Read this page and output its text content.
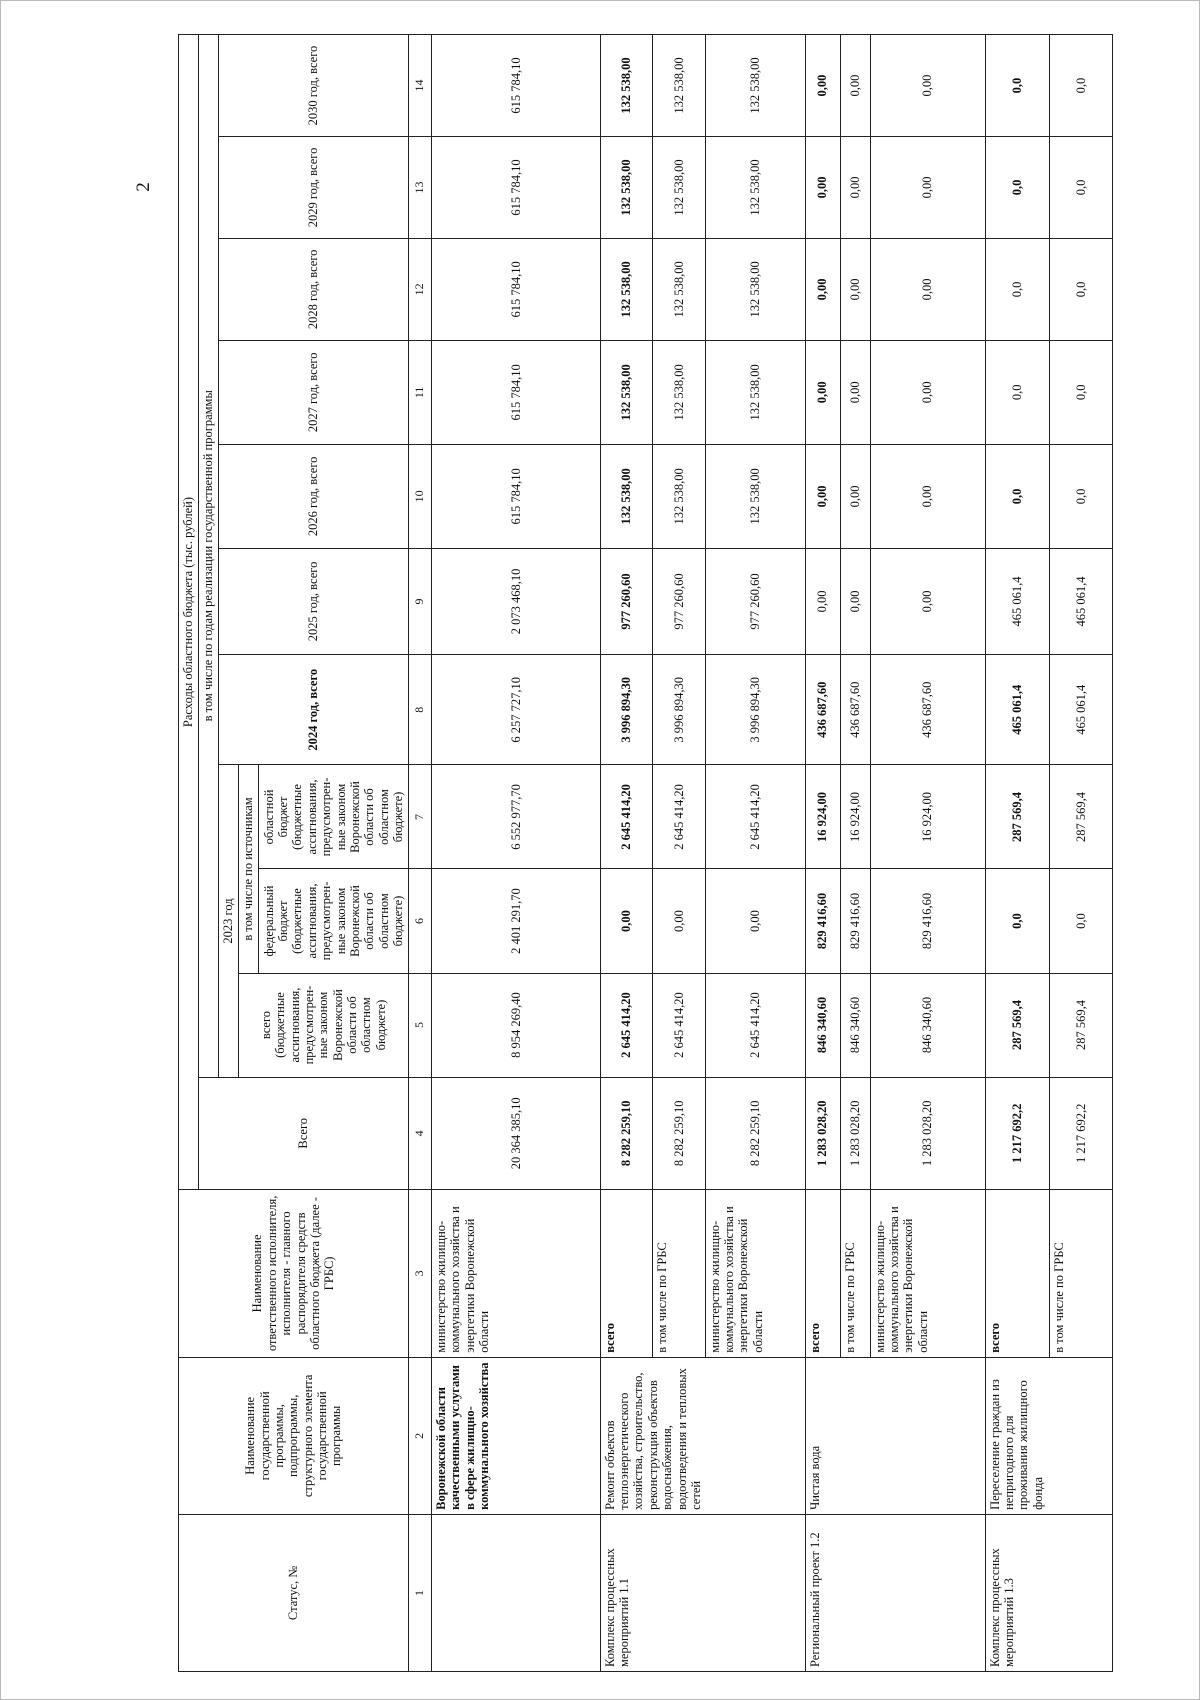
2
Статус, №	Наименование государственной программы, подпрограммы, структурного элемента государственной программы	Наименование ответственного исполнителя, исполнителя - главного распорядителя средств областного бюджета (далее - ГРБС)	Расходы областного бюджета (тыс. рублей)										
			Всего	в том числе по годам реализации государственной программы									
				2023 год			2024 год, всего	2025 год, всего	2026 год, всего	2027 год, всего	2028 год, всего	2029 год, всего	2030 год, всего
				всего (бюджетные ассигнования, предусмотрен-ные законом Воронежской области об областном бюджете)	в том числе по источникам								
					федеральный бюджет (бюджетные ассигнования, предусмотрен-ные законом Воронежской области об областном бюджете)	областной бюджет (бюджетные ассигнования, предусмотрен-ные законом Воронежской области об областном бюджете)							
1	2	3	4	5	6	7	8	9	10	11	12	13	14
	Воронежской области качественными услугами в сфере жилищно-коммунального хозяйства	министерство жилищно-коммунального хозяйства и энергетики Воронежской области	20 364 385,10	8 954 269,40	2 401 291,70	6 552 977,70	6 257 727,10	2 073 468,10	615 784,10	615 784,10	615 784,10	615 784,10	615 784,10
Комплекс процессных мероприятий 1.1	Ремонт объектов теплоэнергетического хозяйства, строительство, реконструкция объектов водоснабжения, водоотведения и тепловых сетей	всего	8 282 259,10	2 645 414,20	0,00	2 645 414,20	3 996 894,30	977 260,60	132 538,00	132 538,00	132 538,00	132 538,00	132 538,00
		в том числе по ГРБС	8 282 259,10	2 645 414,20	0,00	2 645 414,20	3 996 894,30	977 260,60	132 538,00	132 538,00	132 538,00	132 538,00	132 538,00
		министерство жилищно-коммунального хозяйства и энергетики Воронежской области	8 282 259,10	2 645 414,20	0,00	2 645 414,20	3 996 894,30	977 260,60	132 538,00	132 538,00	132 538,00	132 538,00	132 538,00
Региональный проект 1.2	Чистая вода	всего	1 283 028,20	846 340,60	829 416,60	16 924,00	436 687,60	0,00	0,00	0,00	0,00	0,00	0,00
		в том числе по ГРБС	1 283 028,20	846 340,60	829 416,60	16 924,00	436 687,60	0,00	0,00	0,00	0,00	0,00	0,00
		министерство жилищно-коммунального хозяйства и энергетики Воронежской области	1 283 028,20	846 340,60	829 416,60	16 924,00	436 687,60	0,00	0,00	0,00	0,00	0,00	0,00
Комплекс процессных мероприятий 1.3	Переселение граждан из непригодного для проживания жилищного фонда	всего	1 217 692,2	287 569,4	0,0	287 569,4	465 061,4	465 061,4	0,0	0,0	0,0	0,0	0,0
		в том числе по ГРБС	1 217 692,2	287 569,4	0,0	287 569,4	465 061,4	465 061,4	0,0	0,0	0,0	0,0	0,0
